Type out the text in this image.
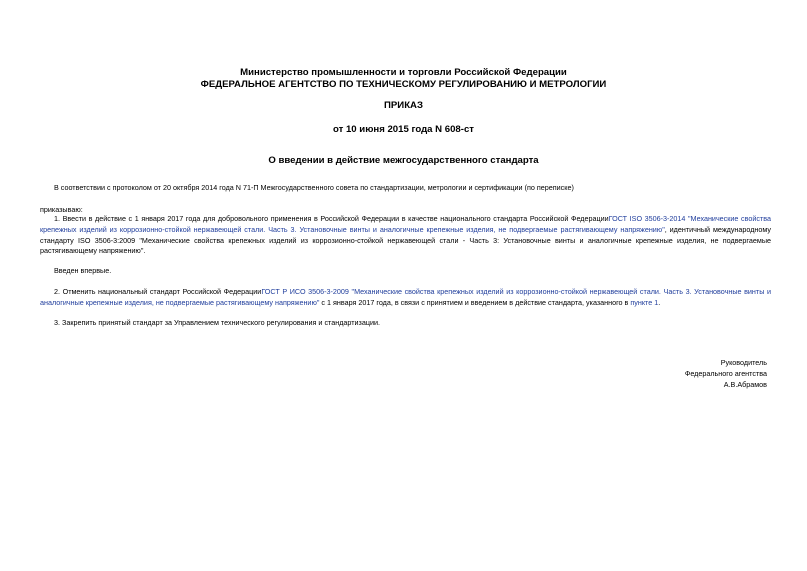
Министерство промышленности и торговли Российской Федерации
ФЕДЕРАЛЬНОЕ АГЕНТСТВО ПО ТЕХНИЧЕСКОМУ РЕГУЛИРОВАНИЮ И МЕТРОЛОГИИ
ПРИКАЗ
от 10 июня 2015 года N 608-ст
О введении в действие межгосударственного стандарта
В соответствии с протоколом от 20 октября 2014 года N 71-П Межгосударственного совета по стандартизации, метрологии и сертификации (по переписке)
приказываю:
1. Ввести в действие с 1 января 2017 года для добровольного применения в Российской Федерации в качестве национального стандарта Российской ФедерацииГОСТ ISO 3506-3-2014 "Механические свойства крепежных изделий из коррозионно-стойкой нержавеющей стали. Часть 3. Установочные винты и аналогичные крепежные изделия, не подвергаемые растягивающему напряжению", идентичный международному стандарту ISO 3506-3:2009 "Механические свойства крепежных изделий из коррозионно-стойкой нержавеющей стали - Часть 3: Установочные винты и аналогичные крепежные изделия, не подвергаемые растягивающему напряжению".
Введен впервые.
2. Отменить национальный стандарт Российской ФедерацииГОСТ Р ИСО 3506-3-2009 "Механические свойства крепежных изделий из коррозионно-стойкой нержавеющей стали. Часть 3. Установочные винты и аналогичные крепежные изделия, не подвергаемые растягивающему напряжению" с 1 января 2017 года, в связи с принятием и введением в действие стандарта, указанного в пункте 1.
3. Закрепить принятый стандарт за Управлением технического регулирования и стандартизации.
Руководитель
Федерального агентства
А.В.Абрамов
